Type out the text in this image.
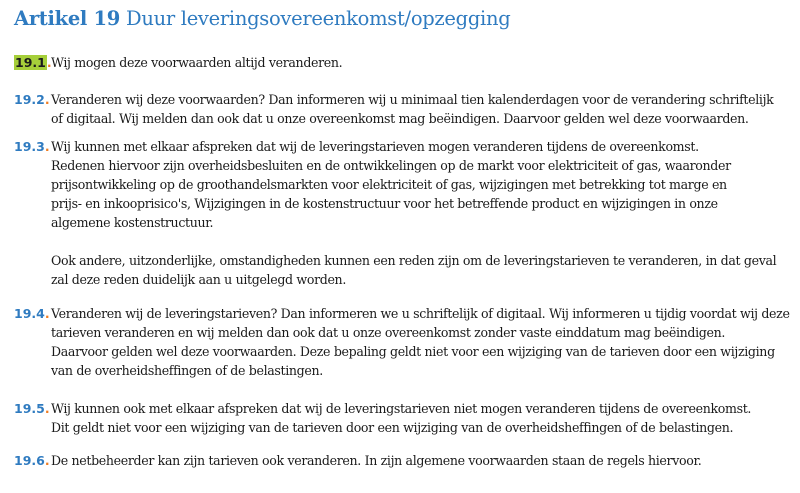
Artikel 19 Duur leveringsovereenkomst/opzegging
19.1. Wij mogen deze voorwaarden altijd veranderen.
19.2. Veranderen wij deze voorwaarden? Dan informeren wij u minimaal tien kalenderdagen voor de verandering schriftelijk
of digitaal. Wij melden dan ook dat u onze overeenkomst mag beëindigen. Daarvoor gelden wel deze voorwaarden.
19.3. Wij kunnen met elkaar afspreken dat wij de leveringstarieven mogen veranderen tijdens de overeenkomst.
Redenen hiervoor zijn overheidsbesluiten en de ontwikkelingen op de markt voor elektriciteit of gas, waaronder
prijsontwikkeling op de groothandelsmarkten voor elektriciteit of gas, wijzigingen met betrekking tot marge en
prijs- en inkooprisico's, Wijzigingen in de kostenstructuur voor het betreffende product en wijzigingen in onze
algemene kostenstructuur.
Ook andere, uitzonderlijke, omstandigheden kunnen een reden zijn om de leveringstarieven te veranderen, in dat geval
zal deze reden duidelijk aan u uitgelegd worden.
19.4. Veranderen wij de leveringstarieven? Dan informeren we u schriftelijk of digitaal. Wij informeren u tijdig voordat wij deze
tarieven veranderen en wij melden dan ook dat u onze overeenkomst zonder vaste einddatum mag beëindigen.
Daarvoor gelden wel deze voorwaarden. Deze bepaling geldt niet voor een wijziging van de tarieven door een wijziging
van de overheidsheffingen of de belastingen.
19.5. Wij kunnen ook met elkaar afspreken dat wij de leveringstarieven niet mogen veranderen tijdens de overeenkomst.
Dit geldt niet voor een wijziging van de tarieven door een wijziging van de overheidsheffingen of de belastingen.
19.6. De netbeheerder kan zijn tarieven ook veranderen. In zijn algemene voorwaarden staan de regels hiervoor.
